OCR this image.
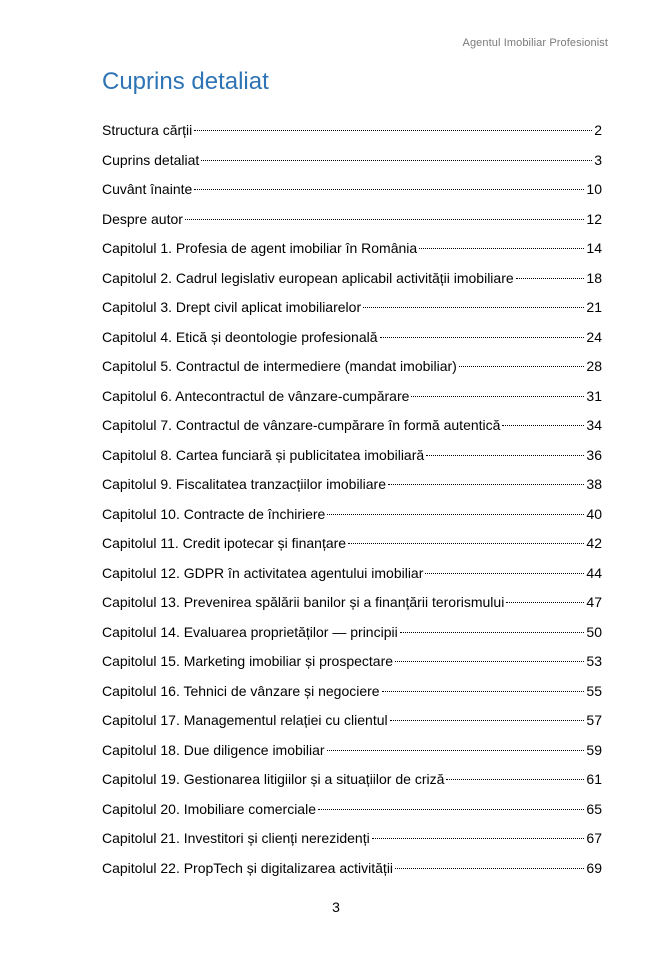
Agentul Imobiliar Profesionist
Cuprins detaliat
Structura cărții	2
Cuprins detaliat	3
Cuvânt înainte	10
Despre autor	12
Capitolul 1. Profesia de agent imobiliar în România	14
Capitolul 2. Cadrul legislativ european aplicabil activității imobiliare	18
Capitolul 3. Drept civil aplicat imobiliarelor	21
Capitolul 4. Etică și deontologie profesională	24
Capitolul 5. Contractul de intermediere (mandat imobiliar)	28
Capitolul 6. Antecontractul de vânzare-cumpărare	31
Capitolul 7. Contractul de vânzare-cumpărare în formă autentică	34
Capitolul 8. Cartea funciară și publicitatea imobiliară	36
Capitolul 9. Fiscalitatea tranzacțiilor imobiliare	38
Capitolul 10. Contracte de închiriere	40
Capitolul 11. Credit ipotecar și finanțare	42
Capitolul 12. GDPR în activitatea agentului imobiliar	44
Capitolul 13. Prevenirea spălării banilor și a finanțării terorismului	47
Capitolul 14. Evaluarea proprietăților — principii	50
Capitolul 15. Marketing imobiliar și prospectare	53
Capitolul 16. Tehnici de vânzare și negociere	55
Capitolul 17. Managementul relației cu clientul	57
Capitolul 18. Due diligence imobiliar	59
Capitolul 19. Gestionarea litigiilor și a situațiilor de criză	61
Capitolul 20. Imobiliare comerciale	65
Capitolul 21. Investitori și clienți nerezidenți	67
Capitolul 22. PropTech și digitalizarea activității	69
3
